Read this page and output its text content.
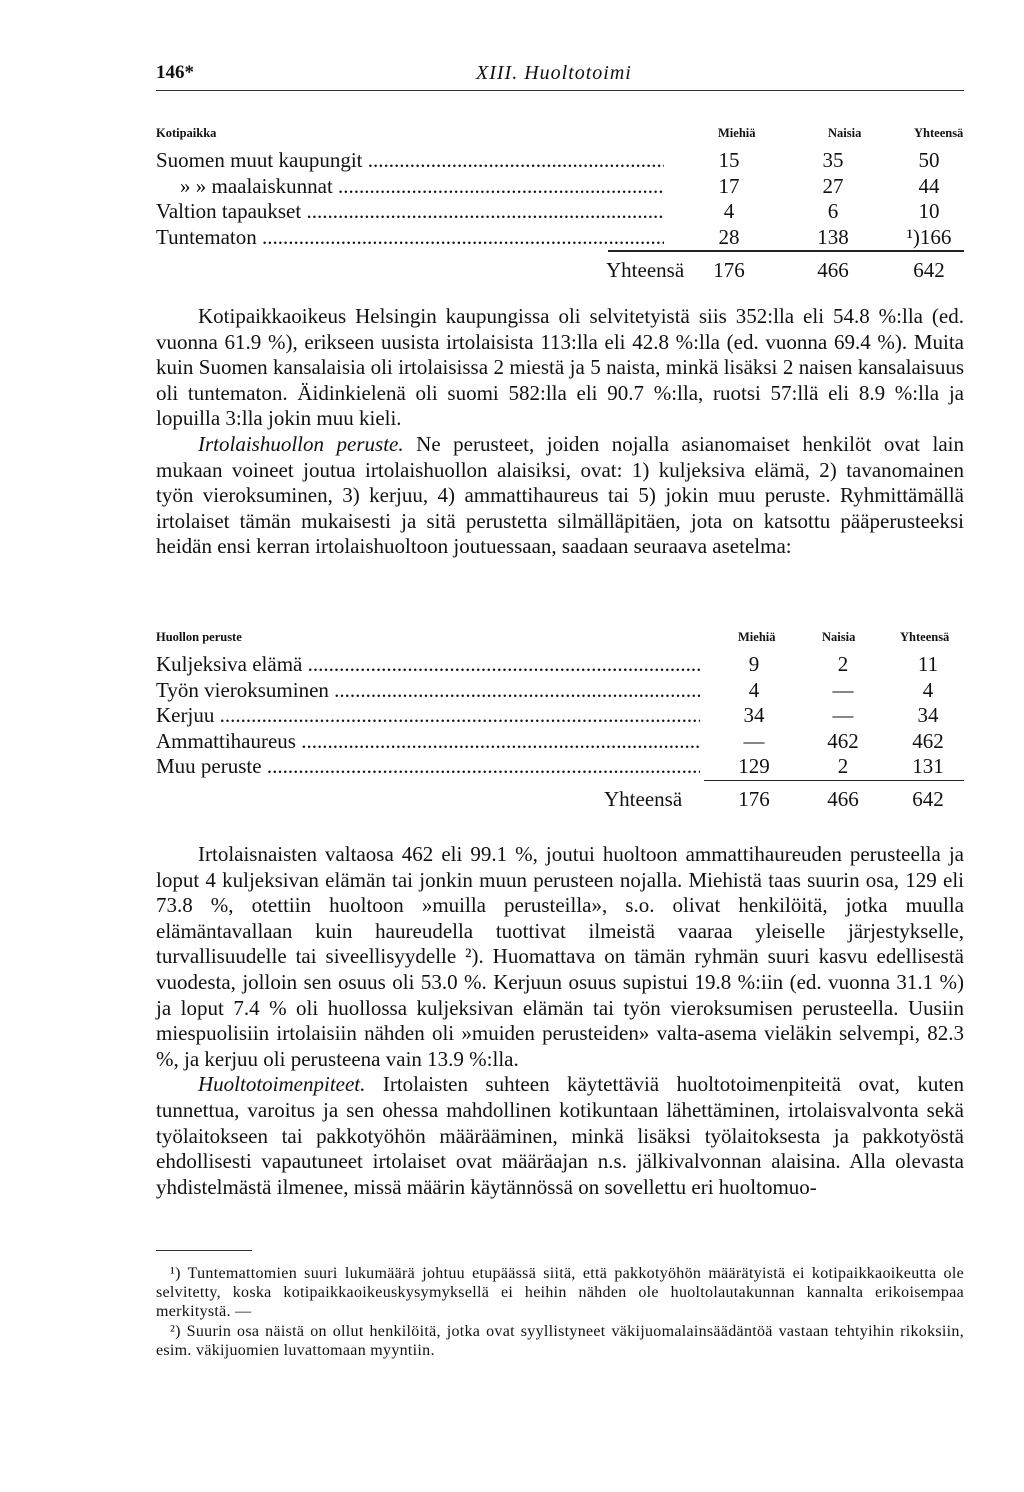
146*	XIII. Huoltotoimi
Kotipaikka	Miehiä	Naisia	Yhteensä
Suomen muut kaupungit .....	15	35	50
» » maalaiskunnat .....	17	27	44
Valtion tapaukset .....	4	6	10
Tuntematon .....	28	138	¹)166
Yhteensä	176	466	642

Kotipaikkaoikeus Helsingin kaupungissa oli selvitetyistä siis 352:lla eli 54.8 %:lla (ed. vuonna 61.9 %), erikseen uusista irtolaisista 113:lla eli 42.8 %:lla (ed. vuonna 69.4 %). Muita kuin Suomen kansalaisia oli irtolaisissa 2 miestä ja 5 naista, minkä lisäksi 2 naisen kansalaisuus oli tuntematon. Äidinkielenä oli suomi 582:lla eli 90.7 %:lla, ruotsi 57:llä eli 8.9 %:lla ja lopuilla 3:lla jokin muu kieli.

Irtolaishuollon peruste. Ne perusteet, joiden nojalla asianomaiset henkilöt ovat lain mukaan voineet joutua irtolaishuollon alaisiksi, ovat: 1) kuljeksiva elämä, 2) tavanomainen työn vieroksuminen, 3) kerjuu, 4) ammattihaureus tai 5) jokin muu peruste. Ryhmittämällä irtolaiset tämän mukaisesti ja sitä perustetta silmälläpitäen, jota on katsottu pääperusteeksi heidän ensi kerran irtolaishuoltoon joutuessaan, saadaan seuraava asetelma:

Huollon peruste	Miehiä	Naisia	Yhteensä
Kuljeksiva elämä .....	9	2	11
Työn vieroksuminen .....	4	—	4
Kerjuu .....	34	—	34
Ammattihaureus .....	—	462	462
Muu peruste .....	129	2	131
Yhteensä	176	466	642

Irtolaisnaisten valtaosa 462 eli 99.1 %, joutui huoltoon ammattihaureuden perusteella ja loput 4 kuljeksivan elämän tai jonkin muun perusteen nojalla. Miehistä taas suurin osa, 129 eli 73.8 %, otettiin huoltoon »muilla perusteilla», s.o. olivat henkilöitä, jotka muulla elämäntavallaan kuin haureudella tuottivat ilmeistä vaaraa yleiselle järjestykselle, turvallisuudelle tai siveellisyydelle ²). Huomattava on tämän ryhmän suuri kasvu edellisestä vuodesta, jolloin sen osuus oli 53.0 %. Kerjuun osuus supistui 19.8 %:iin (ed. vuonna 31.1 %) ja loput 7.4 % oli huollossa kuljeksivan elämän tai työn vieroksumisen perusteella. Uusiin miespuolisiin irtolaisiin nähden oli »muiden perusteiden» valta-asema vieläkin selvempi, 82.3 %, ja kerjuu oli perusteena vain 13.9 %:lla.

Huoltotoimenpiteet. Irtolaisten suhteen käytettäviä huoltotoimenpiteitä ovat, kuten tunnettua, varoitus ja sen ohessa mahdollinen kotikuntaan lähettäminen, irtolaisvalvonta sekä työlaitokseen tai pakkotyöhön määrääminen, minkä lisäksi työlaitoksesta ja pakkotyöstä ehdollisesti vapautuneet irtolaiset ovat määräajan n.s. jälkivalvonnan alaisina. Alla olevasta yhdistelmästä ilmenee, missä määrin käytännössä on sovellettu eri huoltomuo-

¹) Tuntemattomien suuri lukumäärä johtuu etupäässä siitä, että pakkotyöhön määrätyistä ei kotipaikkaoikeutta ole selvitetty, koska kotipaikkaoikeuskysymyksellä ei heihin nähden ole huoltolautakunnan kannalta erikoisempaa merkitystä. —

²) Suurin osa näistä on ollut henkilöitä, jotka ovat syyllistyneet väkijuomalainsäädäntöä vastaan tehtyihin rikoksiin, esim. väkijuomien luvattomaan myyntiin.
